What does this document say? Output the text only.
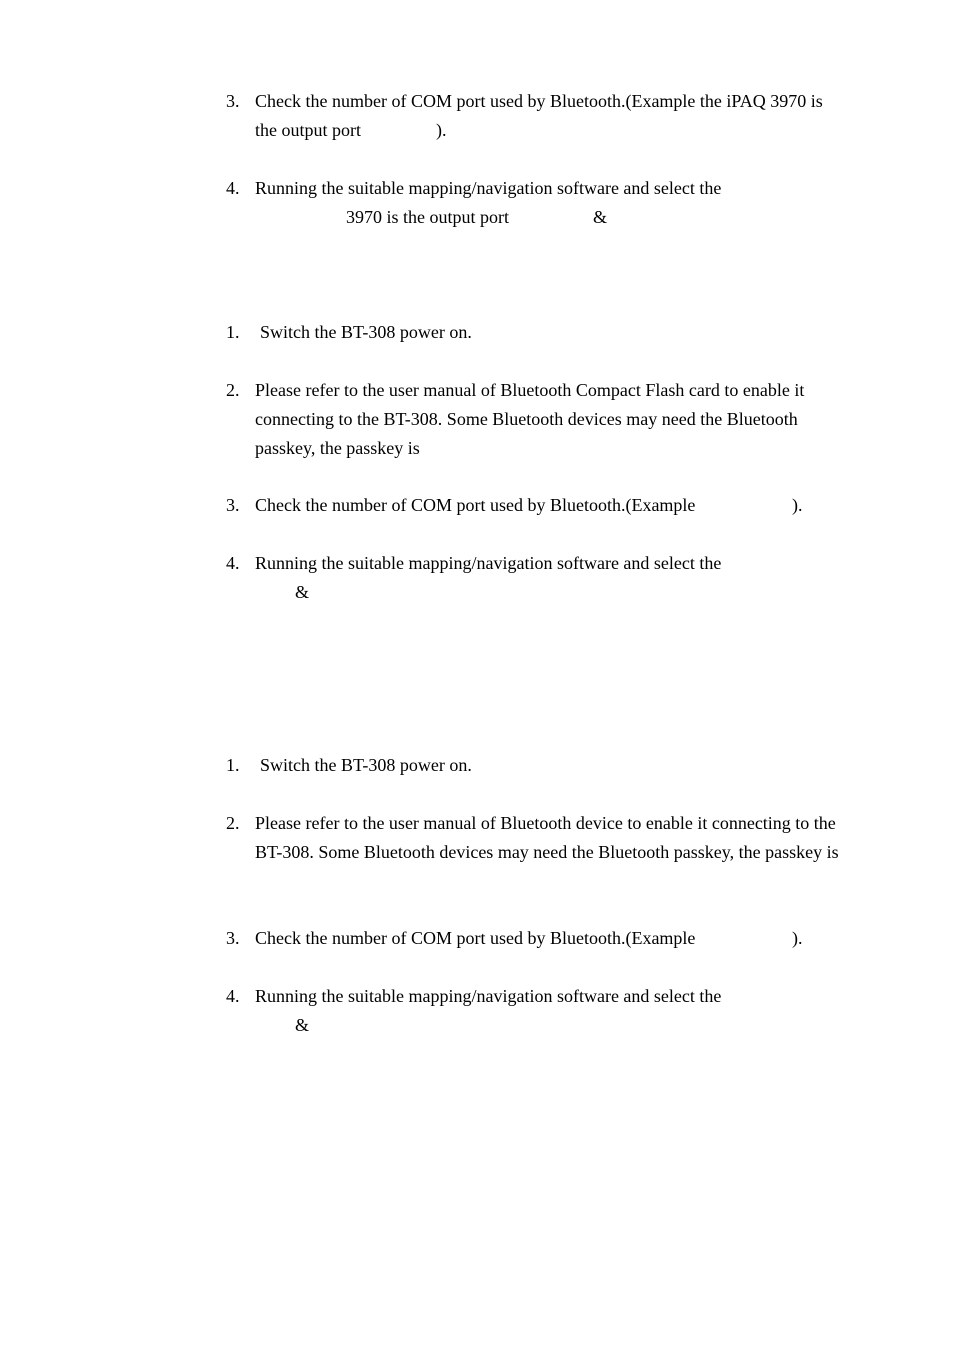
3. Check the number of COM port used by Bluetooth.(Example the iPAQ 3970 is
the output port	).
4. Running the suitable mapping/navigation software and select the
3970 is the output port	&
1. Switch the BT-308 power on.
2. Please refer to the user manual of Bluetooth Compact Flash card to enable it
connecting to the BT-308. Some Bluetooth devices may need the Bluetooth
passkey, the passkey is
3. Check the number of COM port used by Bluetooth.(Example	).
4. Running the suitable mapping/navigation software and select the
&
1. Switch the BT-308 power on.
2. Please refer to the user manual of Bluetooth device to enable it connecting to the
BT-308. Some Bluetooth devices may need the Bluetooth passkey, the passkey is
3. Check the number of COM port used by Bluetooth.(Example	).
4. Running the suitable mapping/navigation software and select the
&
